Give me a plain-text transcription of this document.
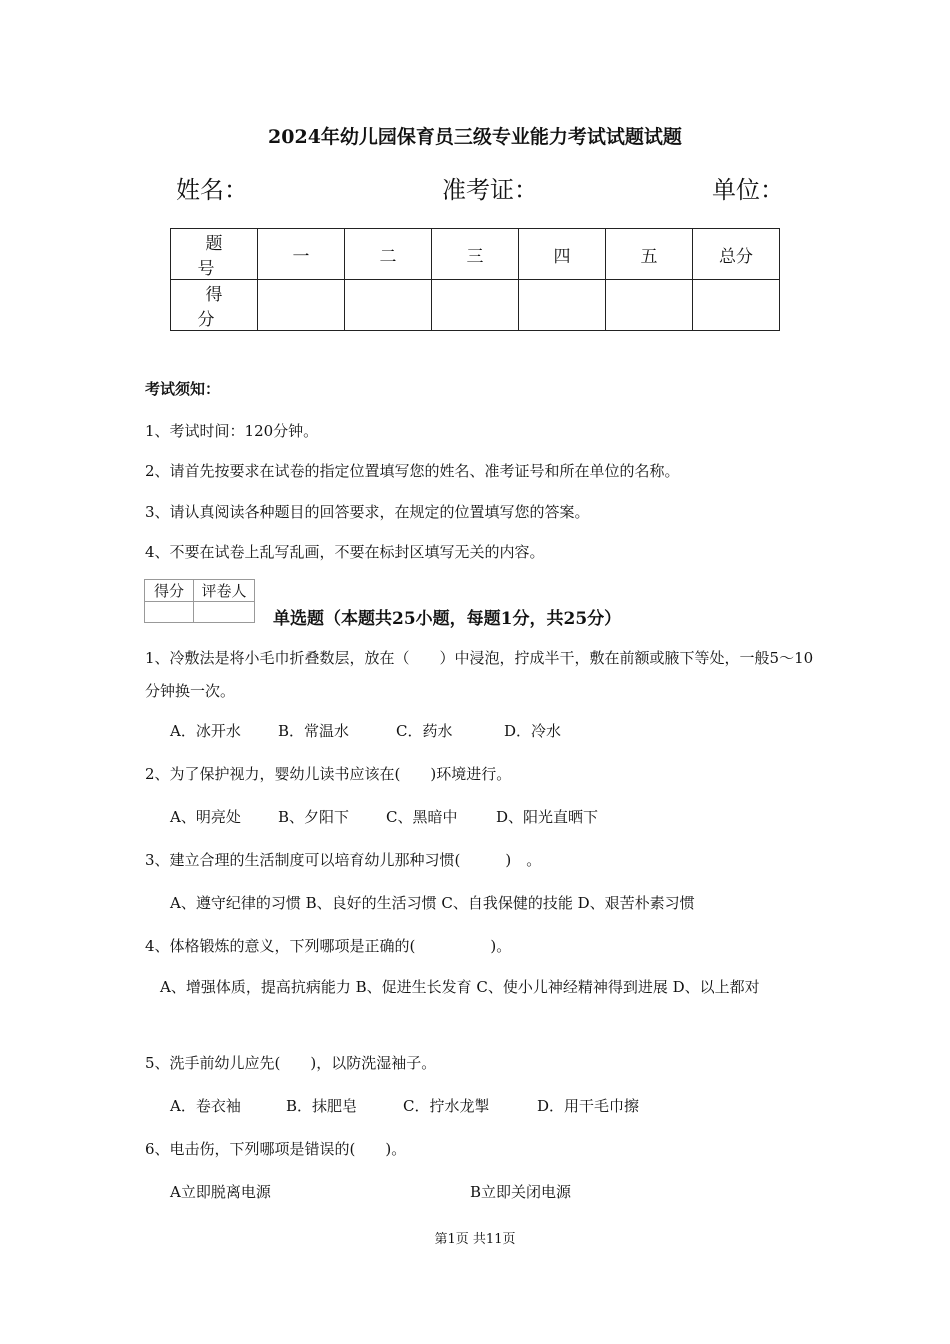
2024年幼儿园保育员三级专业能力考试试题试题
姓名：	准考证：	单位：
题　号	一	二	三	四	五	总分
得　分						
考试须知：
1、考试时间：120分钟。
2、请首先按要求在试卷的指定位置填写您的姓名、准考证号和所在单位的名称。
3、请认真阅读各种题目的回答要求，在规定的位置填写您的答案。
4、不要在试卷上乱写乱画，不要在标封区填写无关的内容。
得分	评卷人

单选题（本题共25小题，每题1分，共25分）
1、冷敷法是将小毛巾折叠数层，放在（　　）中浸泡，拧成半干，敷在前额或腋下等处，一般5～10分钟换一次。
A．冰开水 B．常温水	C．药水	D．冷水
2、为了保护视力，婴幼儿读书应该在(　　)环境进行。
A、明亮处 B、夕阳下 C、黑暗中	D、阳光直晒下
3、建立合理的生活制度可以培育幼儿那种习惯(　　　)　。
A、遵守纪律的习惯 B、良好的生活习惯 C、自我保健的技能 D、艰苦朴素习惯
4、体格锻炼的意义，下列哪项是正确的(　　　　　)。
　A、增强体质，提高抗病能力 B、促进生长发育 C、使小儿神经精神得到进展 D、以上都对
5、洗手前幼儿应先(　　)，以防洗湿袖子。
A．卷衣袖	B．抹肥皂	C．拧水龙掣	D．用干毛巾擦
6、电击伤，下列哪项是错误的(　　)。
A立即脱离电源	B立即关闭电源
第1页 共11页
